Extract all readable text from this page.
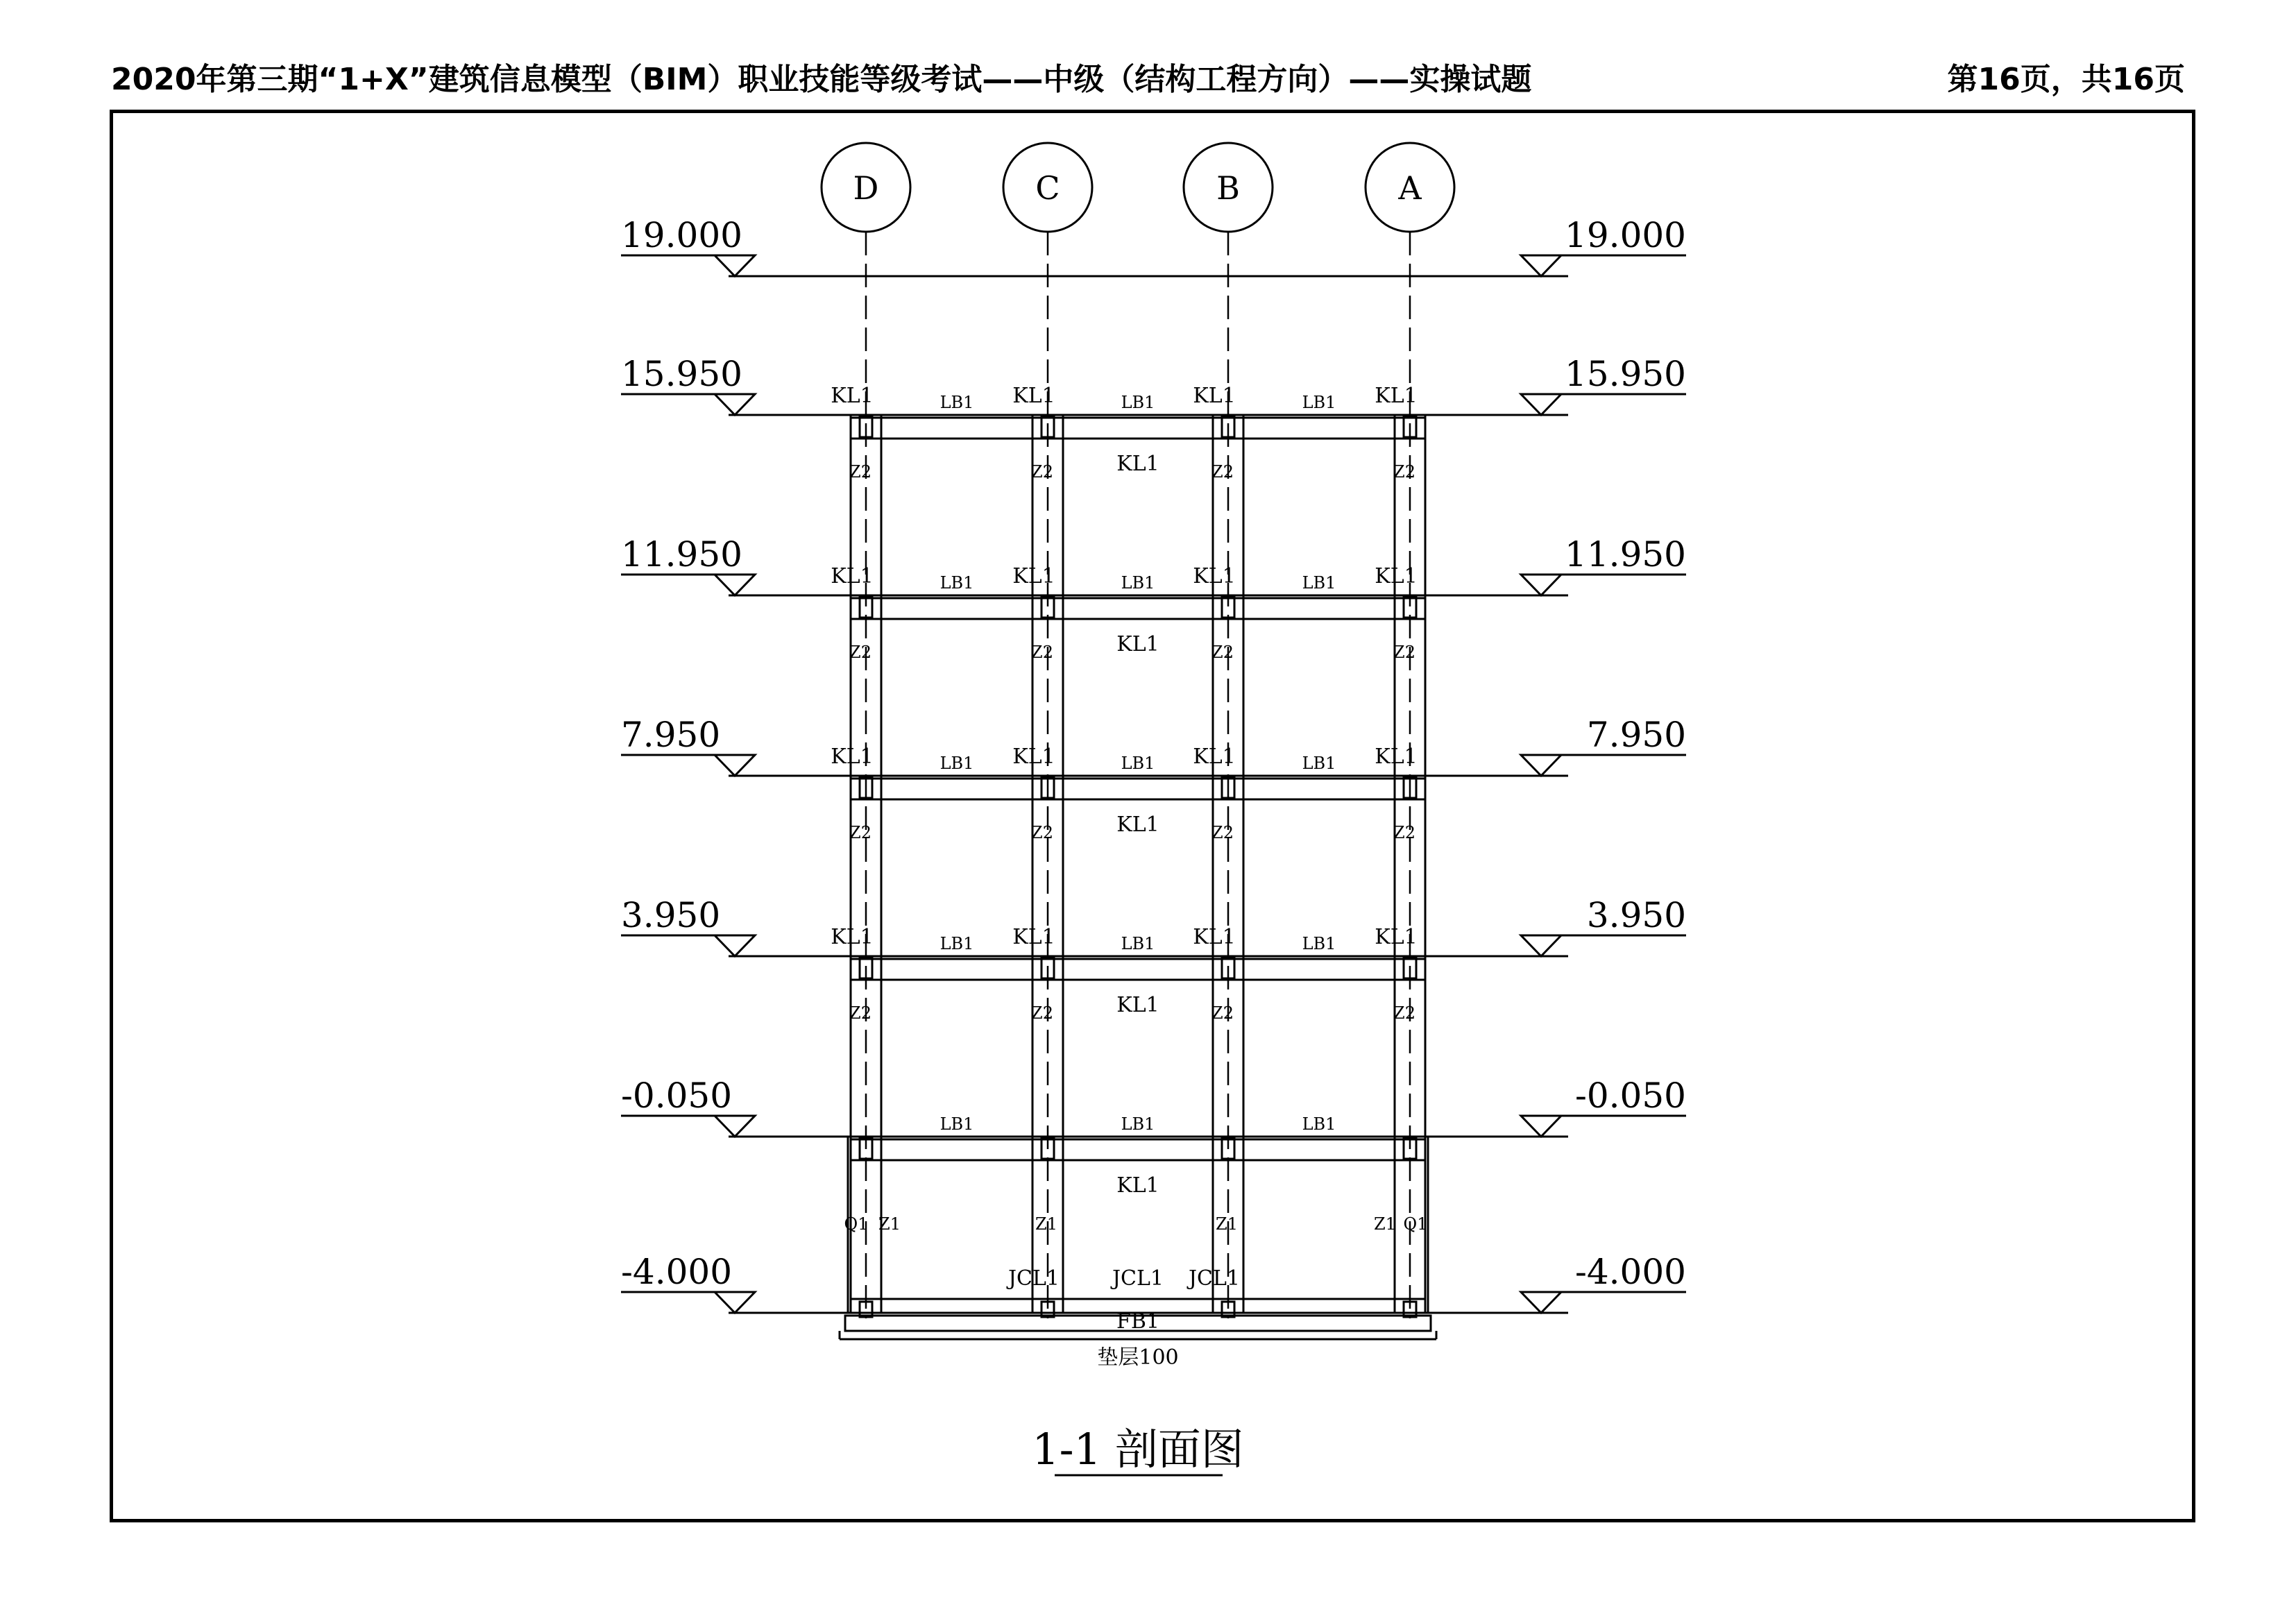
2020年第三期“1+X”建筑信息模型（BIM）职业技能等级考试——中级（结构工程方向）——实操试题	第16页，共16页
D	C	B	A
19.000	19.000
15.950	15.950
11.950	11.950
7.950	7.950
3.950	3.950
-0.050	-0.050
-4.000	-4.000
KL1	KL1	KL1	KL1
LB1	LB1	LB1
KL1
Z2	Z2	Z2	Z2
KL1	KL1	KL1	KL1
LB1	LB1	LB1
KL1
Z2	Z2	Z2	Z2
KL1	KL1	KL1	KL1
LB1	LB1	LB1
KL1
Z2	Z2	Z2	Z2
KL1	KL1	KL1	KL1
LB1	LB1	LB1
KL1
Z2	Z2	Z2	Z2
LB1	LB1	LB1
KL1
Q1 Z1	Z1	Z1	Z1 Q1
JCL1	JCL1 JCL1
FB1
垫层100
1-1 剖面图
